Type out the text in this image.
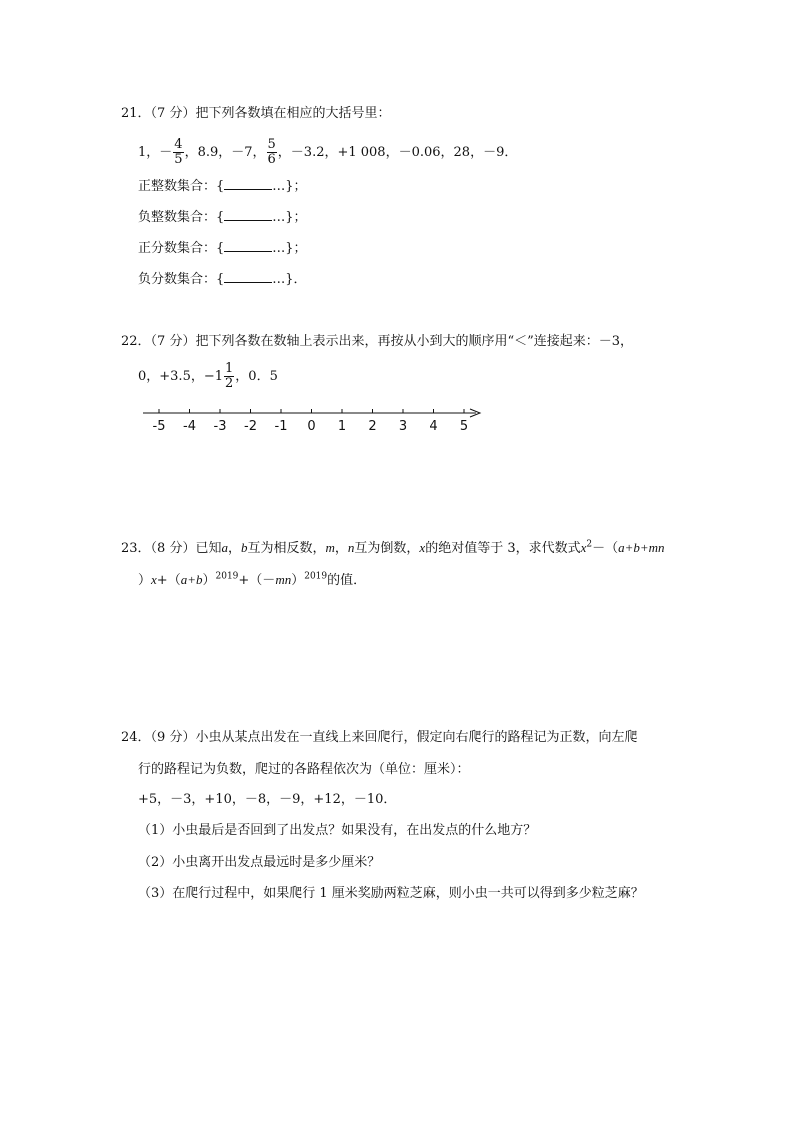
21．（7 分）把下列各数填在相应的大括号里：
1，－ $\frac{4}{5}$ ，8.9，－7， $\frac{5}{6}$ ，－3.2，+1 008，－0.06，28，－9．
正整数集合：{	…}；
负整数集合：{	…}；
正分数集合：{	…}；
负分数集合：{	…}．
22．（7 分）把下列各数在数轴上表示出来，再按从小到大的顺序用“＜”连接起来：－3，
0，+3.5，$-1 \frac{1}{2}$ ，0．5
-5 -4 -3 -2 -1 0 1 2 3 4 5
23．（8 分）已知a，b互为相反数，m，n互为倒数，x的绝对值等于 3，求代数式$x^2-(a+b+mn$
）$x+(a+b)^{2019}+(-mn)^{2019}$的值．
24．（9 分）小虫从某点出发在一直线上来回爬行，假定向右爬行的路程记为正数，向左爬
行的路程记为负数，爬过的各路程依次为（单位：厘米）：
+5，－3，+10，－8，－9，+12，－10．
（1）小虫最后是否回到了出发点？如果没有，在出发点的什么地方？
（2）小虫离开出发点最远时是多少厘米？
（3）在爬行过程中，如果爬行 1 厘米奖励两粒芝麻，则小虫一共可以得到多少粒芝麻？
